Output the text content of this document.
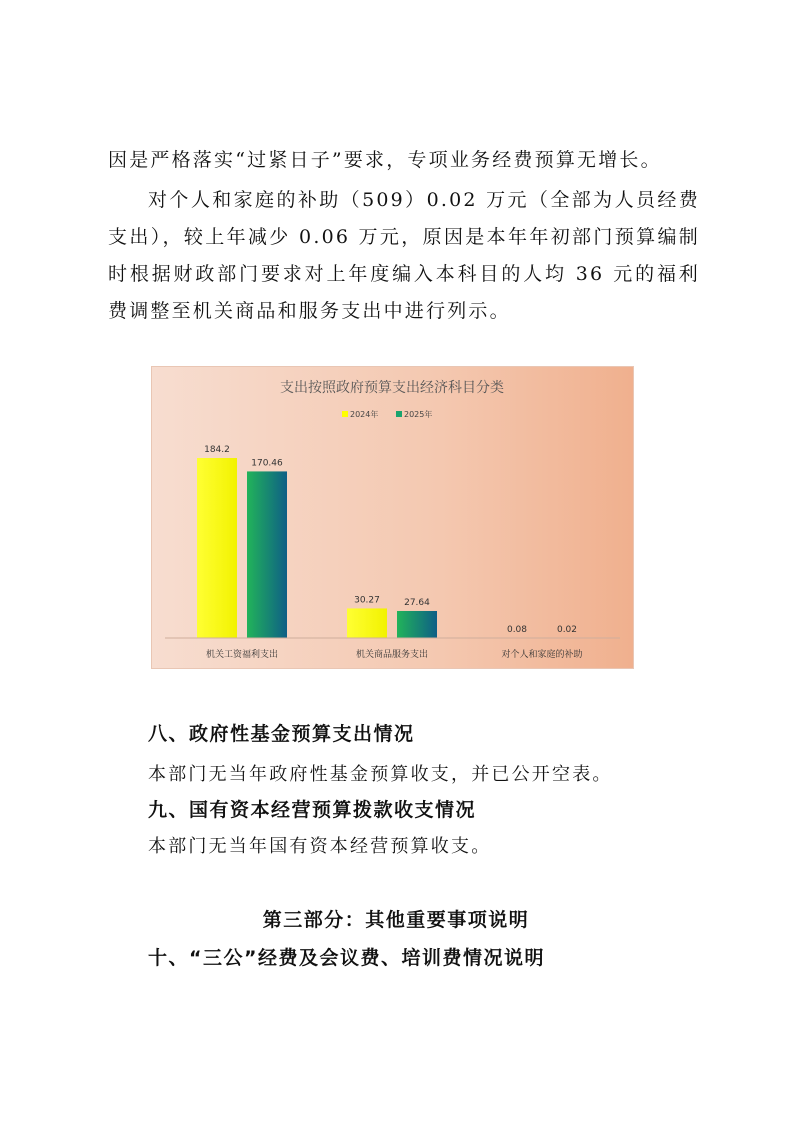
因是严格落实“过紧日子”要求，专项业务经费预算无增长。

对个人和家庭的补助（509）0.02 万元（全部为人员经费支出），较上年减少 0.06 万元，原因是本年年初部门预算编制时根据财政部门要求对上年度编入本科目的人均 36 元的福利费调整至机关商品和服务支出中进行列示。

支出按照政府预算支出经济科目分类
2024年	2025年
184.2
170.46
30.27	27.64
0.08	0.02
机关工资福利支出	机关商品服务支出	对个人和家庭的补助

八、政府性基金预算支出情况

本部门无当年政府性基金预算收支，并已公开空表。

九、国有资本经营预算拨款收支情况

本部门无当年国有资本经营预算收支。

第三部分：其他重要事项说明

十、“三公”经费及会议费、培训费情况说明
